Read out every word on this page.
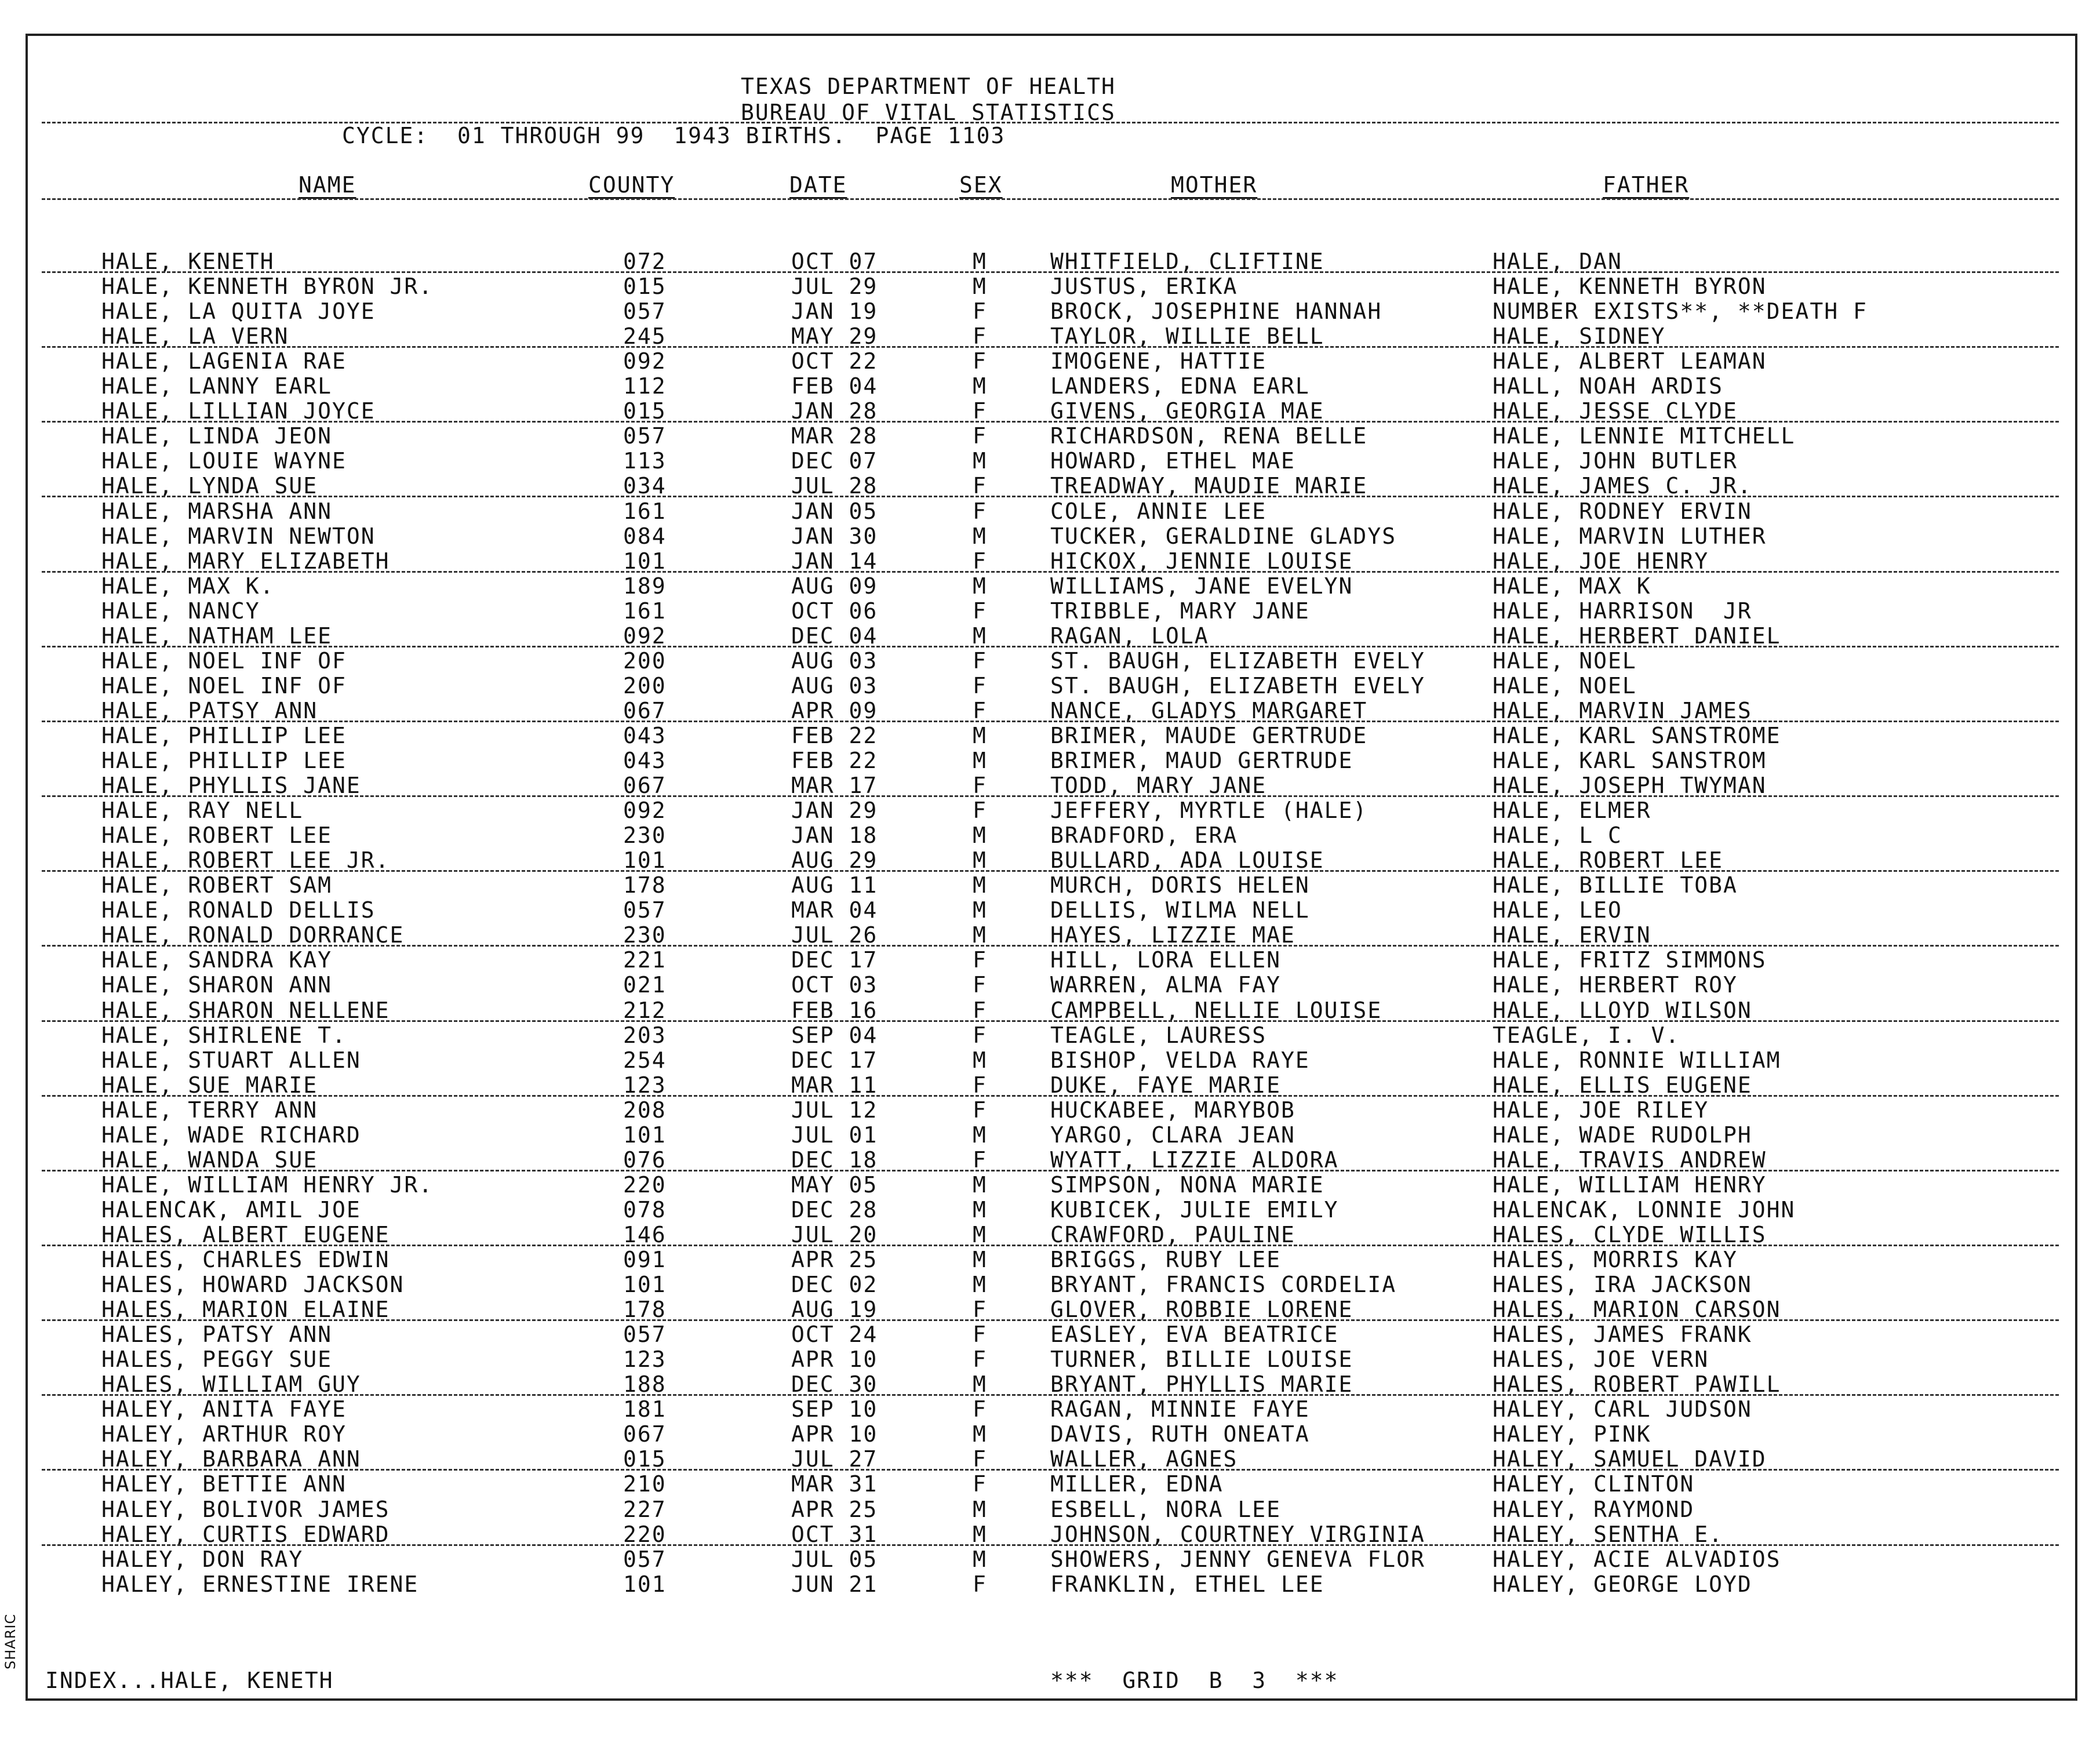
TEXAS DEPARTMENT OF HEALTH
BUREAU OF VITAL STATISTICS
CYCLE:  01 THROUGH 99  1943 BIRTHS.  PAGE 1103
NAME	COUNTY	DATE	SEX	MOTHER	FATHER
HALE, KENETH	072	OCT 07	M	WHITFIELD, CLIFTINE	HALE, DAN
HALE, KENNETH BYRON JR.	015	JUL 29	M	JUSTUS, ERIKA	HALE, KENNETH BYRON
HALE, LA QUITA JOYE	057	JAN 19	F	BROCK, JOSEPHINE HANNAH	NUMBER EXISTS**, **DEATH F
HALE, LA VERN	245	MAY 29	F	TAYLOR, WILLIE BELL	HALE, SIDNEY
HALE, LAGENIA RAE	092	OCT 22	F	IMOGENE, HATTIE	HALE, ALBERT LEAMAN
HALE, LANNY EARL	112	FEB 04	M	LANDERS, EDNA EARL	HALL, NOAH ARDIS
HALE, LILLIAN JOYCE	015	JAN 28	F	GIVENS, GEORGIA MAE	HALE, JESSE CLYDE
HALE, LINDA JEON	057	MAR 28	F	RICHARDSON, RENA BELLE	HALE, LENNIE MITCHELL
HALE, LOUIE WAYNE	113	DEC 07	M	HOWARD, ETHEL MAE	HALE, JOHN BUTLER
HALE, LYNDA SUE	034	JUL 28	F	TREADWAY, MAUDIE MARIE	HALE, JAMES C. JR.
HALE, MARSHA ANN	161	JAN 05	F	COLE, ANNIE LEE	HALE, RODNEY ERVIN
HALE, MARVIN NEWTON	084	JAN 30	M	TUCKER, GERALDINE GLADYS	HALE, MARVIN LUTHER
HALE, MARY ELIZABETH	101	JAN 14	F	HICKOX, JENNIE LOUISE	HALE, JOE HENRY
HALE, MAX K.	189	AUG 09	M	WILLIAMS, JANE EVELYN	HALE, MAX K
HALE, NANCY	161	OCT 06	F	TRIBBLE, MARY JANE	HALE, HARRISON  JR
HALE, NATHAM LEE	092	DEC 04	M	RAGAN, LOLA	HALE, HERBERT DANIEL
HALE, NOEL INF OF	200	AUG 03	F	ST. BAUGH, ELIZABETH EVELY	HALE, NOEL
HALE, NOEL INF OF	200	AUG 03	F	ST. BAUGH, ELIZABETH EVELY	HALE, NOEL
HALE, PATSY ANN	067	APR 09	F	NANCE, GLADYS MARGARET	HALE, MARVIN JAMES
HALE, PHILLIP LEE	043	FEB 22	M	BRIMER, MAUDE GERTRUDE	HALE, KARL SANSTROME
HALE, PHILLIP LEE	043	FEB 22	M	BRIMER, MAUD GERTRUDE	HALE, KARL SANSTROM
HALE, PHYLLIS JANE	067	MAR 17	F	TODD, MARY JANE	HALE, JOSEPH TWYMAN
HALE, RAY NELL	092	JAN 29	F	JEFFERY, MYRTLE (HALE)	HALE, ELMER
HALE, ROBERT LEE	230	JAN 18	M	BRADFORD, ERA	HALE, L C
HALE, ROBERT LEE JR.	101	AUG 29	M	BULLARD, ADA LOUISE	HALE, ROBERT LEE
HALE, ROBERT SAM	178	AUG 11	M	MURCH, DORIS HELEN	HALE, BILLIE TOBA
HALE, RONALD DELLIS	057	MAR 04	M	DELLIS, WILMA NELL	HALE, LEO
HALE, RONALD DORRANCE	230	JUL 26	M	HAYES, LIZZIE MAE	HALE, ERVIN
HALE, SANDRA KAY	221	DEC 17	F	HILL, LORA ELLEN	HALE, FRITZ SIMMONS
HALE, SHARON ANN	021	OCT 03	F	WARREN, ALMA FAY	HALE, HERBERT ROY
HALE, SHARON NELLENE	212	FEB 16	F	CAMPBELL, NELLIE LOUISE	HALE, LLOYD WILSON
HALE, SHIRLENE T.	203	SEP 04	F	TEAGLE, LAURESS	TEAGLE, I. V.
HALE, STUART ALLEN	254	DEC 17	M	BISHOP, VELDA RAYE	HALE, RONNIE WILLIAM
HALE, SUE MARIE	123	MAR 11	F	DUKE, FAYE MARIE	HALE, ELLIS EUGENE
HALE, TERRY ANN	208	JUL 12	F	HUCKABEE, MARYBOB	HALE, JOE RILEY
HALE, WADE RICHARD	101	JUL 01	M	YARGO, CLARA JEAN	HALE, WADE RUDOLPH
HALE, WANDA SUE	076	DEC 18	F	WYATT, LIZZIE ALDORA	HALE, TRAVIS ANDREW
HALE, WILLIAM HENRY JR.	220	MAY 05	M	SIMPSON, NONA MARIE	HALE, WILLIAM HENRY
HALENCAK, AMIL JOE	078	DEC 28	M	KUBICEK, JULIE EMILY	HALENCAK, LONNIE JOHN
HALES, ALBERT EUGENE	146	JUL 20	M	CRAWFORD, PAULINE	HALES, CLYDE WILLIS
HALES, CHARLES EDWIN	091	APR 25	M	BRIGGS, RUBY LEE	HALES, MORRIS KAY
HALES, HOWARD JACKSON	101	DEC 02	M	BRYANT, FRANCIS CORDELIA	HALES, IRA JACKSON
HALES, MARION ELAINE	178	AUG 19	F	GLOVER, ROBBIE LORENE	HALES, MARION CARSON
HALES, PATSY ANN	057	OCT 24	F	EASLEY, EVA BEATRICE	HALES, JAMES FRANK
HALES, PEGGY SUE	123	APR 10	F	TURNER, BILLIE LOUISE	HALES, JOE VERN
HALES, WILLIAM GUY	188	DEC 30	M	BRYANT, PHYLLIS MARIE	HALES, ROBERT PAWILL
HALEY, ANITA FAYE	181	SEP 10	F	RAGAN, MINNIE FAYE	HALEY, CARL JUDSON
HALEY, ARTHUR ROY	067	APR 10	M	DAVIS, RUTH ONEATA	HALEY, PINK
HALEY, BARBARA ANN	015	JUL 27	F	WALLER, AGNES	HALEY, SAMUEL DAVID
HALEY, BETTIE ANN	210	MAR 31	F	MILLER, EDNA	HALEY, CLINTON
HALEY, BOLIVOR JAMES	227	APR 25	M	ESBELL, NORA LEE	HALEY, RAYMOND
HALEY, CURTIS EDWARD	220	OCT 31	M	JOHNSON, COURTNEY VIRGINIA	HALEY, SENTHA E.
HALEY, DON RAY	057	JUL 05	M	SHOWERS, JENNY GENEVA FLOR	HALEY, ACIE ALVADIOS
HALEY, ERNESTINE IRENE	101	JUN 21	F	FRANKLIN, ETHEL LEE	HALEY, GEORGE LOYD
INDEX...HALE, KENETH	***  GRID  B  3  ***
SHARIC
